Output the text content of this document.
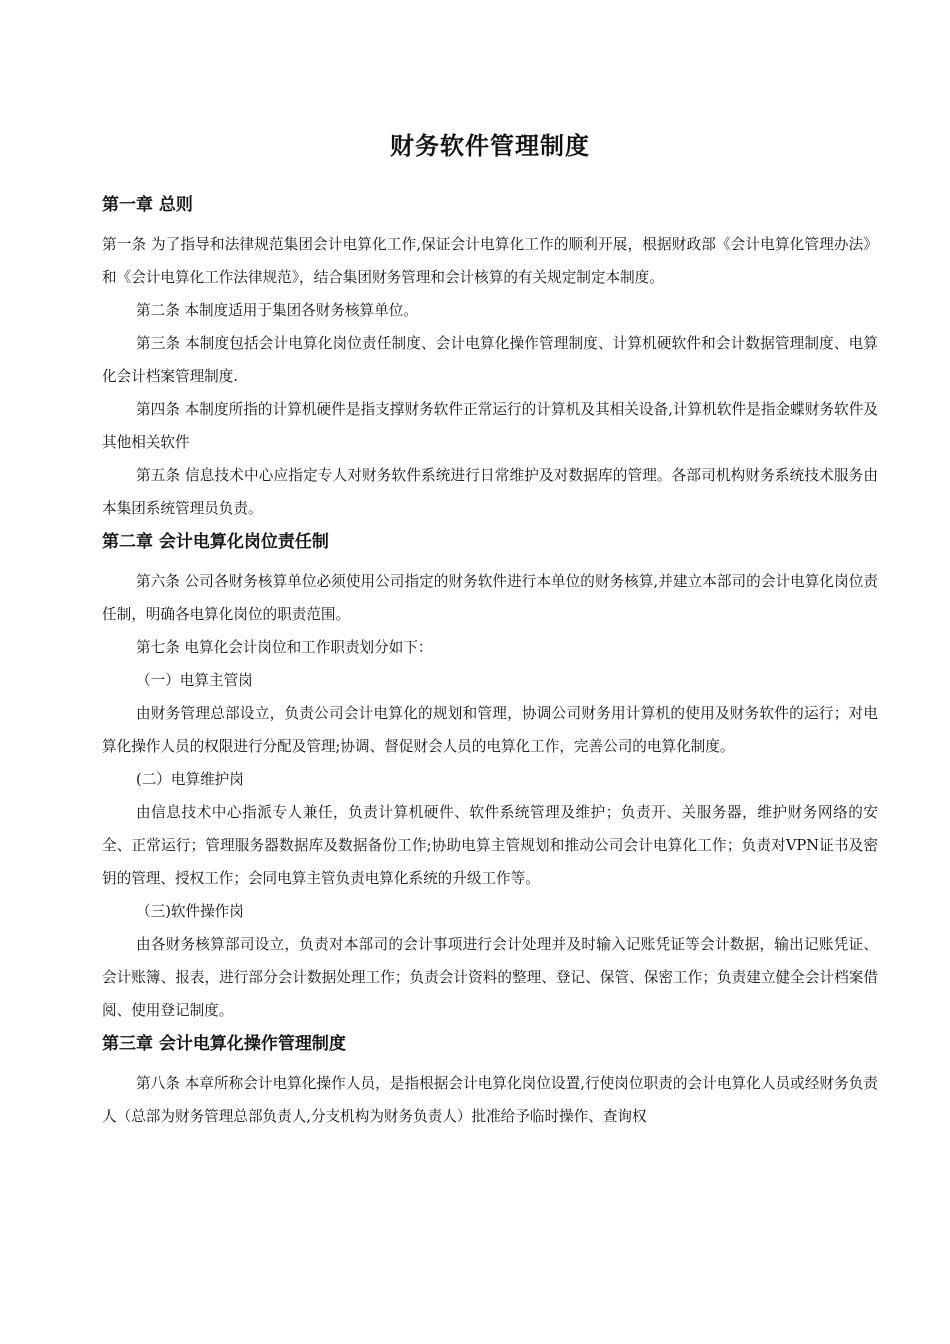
财务软件管理制度
第一章 总则

第一条 为了指导和法律规范集团会计电算化工作,保证会计电算化工作的顺利开展，根据财政部《会计电算化管理办法》和《会计电算化工作法律规范》，结合集团财务管理和会计核算的有关规定制定本制度。

第二条 本制度适用于集团各财务核算单位。

第三条 本制度包括会计电算化岗位责任制度、会计电算化操作管理制度、计算机硬软件和会计数据管理制度、电算化会计档案管理制度.

第四条 本制度所指的计算机硬件是指支撑财务软件正常运行的计算机及其相关设备,计算机软件是指金蝶财务软件及其他相关软件

第五条 信息技术中心应指定专人对财务软件系统进行日常维护及对数据库的管理。各部司机构财务系统技术服务由本集团系统管理员负责。

第二章 会计电算化岗位责任制

第六条 公司各财务核算单位必须使用公司指定的财务软件进行本单位的财务核算,并建立本部司的会计电算化岗位责任制，明确各电算化岗位的职责范围。

第七条 电算化会计岗位和工作职责划分如下：

（一）电算主管岗

由财务管理总部设立，负责公司会计电算化的规划和管理，协调公司财务用计算机的使用及财务软件的运行；对电算化操作人员的权限进行分配及管理;协调、督促财会人员的电算化工作，完善公司的电算化制度。

(二）电算维护岗

由信息技术中心指派专人兼任，负责计算机硬件、软件系统管理及维护；负责开、关服务器，维护财务网络的安全、正常运行；管理服务器数据库及数据备份工作;协助电算主管规划和推动公司会计电算化工作；负责对VPN证书及密钥的管理、授权工作；会同电算主管负责电算化系统的升级工作等。

（三)软件操作岗

由各财务核算部司设立，负责对本部司的会计事项进行会计处理并及时输入记账凭证等会计数据，输出记账凭证、会计账簿、报表，进行部分会计数据处理工作；负责会计资料的整理、登记、保管、保密工作；负责建立健全会计档案借阅、使用登记制度。

第三章 会计电算化操作管理制度

第八条 本章所称会计电算化操作人员，是指根据会计电算化岗位设置,行使岗位职责的会计电算化人员或经财务负责人（总部为财务管理总部负责人,分支机构为财务负责人）批准给予临时操作、查询权
